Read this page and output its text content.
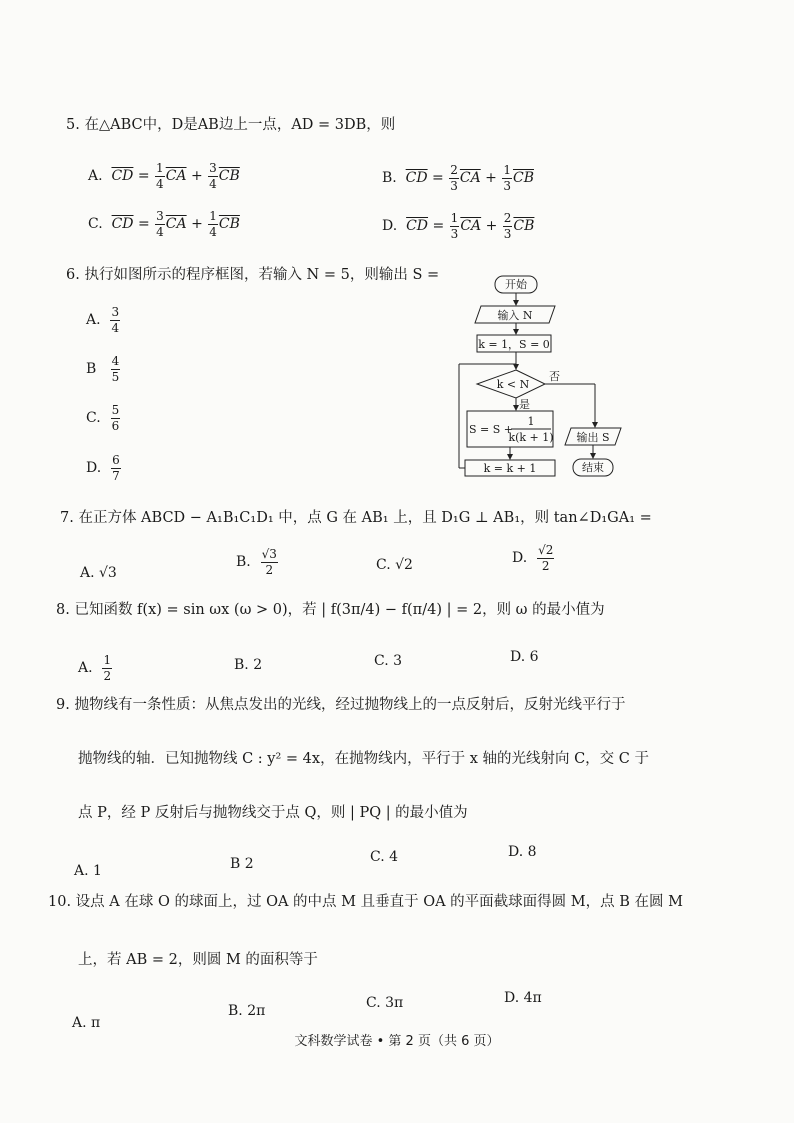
5. 在△ABC中，D是AB边上一点，AD = 3DB，则
A.
$\overline{CD} = \frac{1}{4} \overline{CA} + \frac{3}{4} \overline{CB}$	B.
$\overline{CD} = \frac{2}{3} \overline{CA} + \frac{1}{3} \overline{CB}$
C.
$\overline{CD} = \frac{3}{4} \overline{CA} + \frac{1}{4} \overline{CB}$	D.
$\overline{CD} = \frac{1}{3} \overline{CA} + \frac{2}{3} \overline{CB}$
6. 执行如图所示的程序框图，若输入 N = 5，则输出 S =
A.
$\frac{3}{4}$
B
$\frac{4}{5}$
C.
$\frac{5}{6}$
D.
$\frac{6}{7}$
开始
输入 N
k = 1，S = 0
k < N
否
是
S = S +
1
k(k + 1)
k = k + 1
输出 S
结束
7. 在正方体 ABCD − A₁B₁C₁D₁ 中，点 G 在 AB₁ 上，且 D₁G ⊥ AB₁，则 tan∠D₁GA₁ =
A. √3
B.
$\frac{√3}{2}$	C. √2	D.
$\frac{√2}{2}$
8. 已知函数 f(x) = sin ωx (ω > 0)，若 | f(3π/4) − f(π/4) | = 2，则 ω 的最小值为
A.
$\frac{1}{2}$	B. 2	C. 3	D. 6
9. 抛物线有一条性质：从焦点发出的光线，经过抛物线上的一点反射后，反射光线平行于
抛物线的轴．已知抛物线 C : y² = 4x，在抛物线内，平行于 x 轴的光线射向 C，交 C 于
点 P，经 P 反射后与抛物线交于点 Q，则 | PQ | 的最小值为
A. 1	B 2	C. 4	D. 8
10. 设点 A 在球 O 的球面上，过 OA 的中点 M 且垂直于 OA 的平面截球面得圆 M，点 B 在圆 M
上，若 AB = 2，则圆 M 的面积等于
A. π
B. 2π	C. 3π	D. 4π
文科数学试卷 • 第 2 页（共 6 页）
